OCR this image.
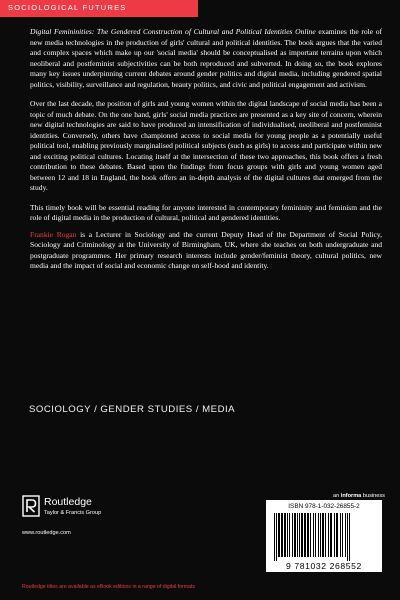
SOCIOLOGICAL FUTURES

Digital Femininities: The Gendered Construction of Cultural and Political Identities Online examines the role of new media technologies in the production of girls' cultural and political identities. The book argues that the varied and complex spaces which make up our 'social media' should be conceptualised as important terrains upon which neoliberal and postfeminist subjectivities can be both reproduced and subverted. In doing so, the book explores many key issues underpinning current debates around gender politics and digital media, including gendered spatial politics, visibility, surveillance and regulation, beauty politics, and civic and political engagement and activism.

Over the last decade, the position of girls and young women within the digital landscape of social media has been a topic of much debate. On the one hand, girls' social media practices are presented as a key site of concern, wherein new digital technologies are said to have produced an intensification of individualised, neoliberal and postfeminist identities. Conversely, others have championed access to social media for young people as a potentially useful political tool, enabling previously marginalised political subjects (such as girls) to access and participate within new and exciting political cultures. Locating itself at the intersection of these two approaches, this book offers a fresh contribution to these debates. Based upon the findings from focus groups with girls and young women aged between 12 and 18 in England, the book offers an in-depth analysis of the digital cultures that emerged from the study.

This timely book will be essential reading for anyone interested in contemporary femininity and feminism and the role of digital media in the production of cultural, political and gendered identities.

Frankie Rogan is a Lecturer in Sociology and the current Deputy Head of the Department of Social Policy, Sociology and Criminology at the University of Birmingham, UK, where she teaches on both undergraduate and postgraduate programmes. Her primary research interests include gender/feminist theory, cultural politics, new media and the impact of social and economic change on self-hood and identity.

SOCIOLOGY / GENDER STUDIES / MEDIA
an informa business
Routledge
Taylor & Francis Group
www.routledge.com
ISBN 978-1-032-26855-2
9 781032 268552
Routledge titles are available as eBook editions in a range of digital formats
